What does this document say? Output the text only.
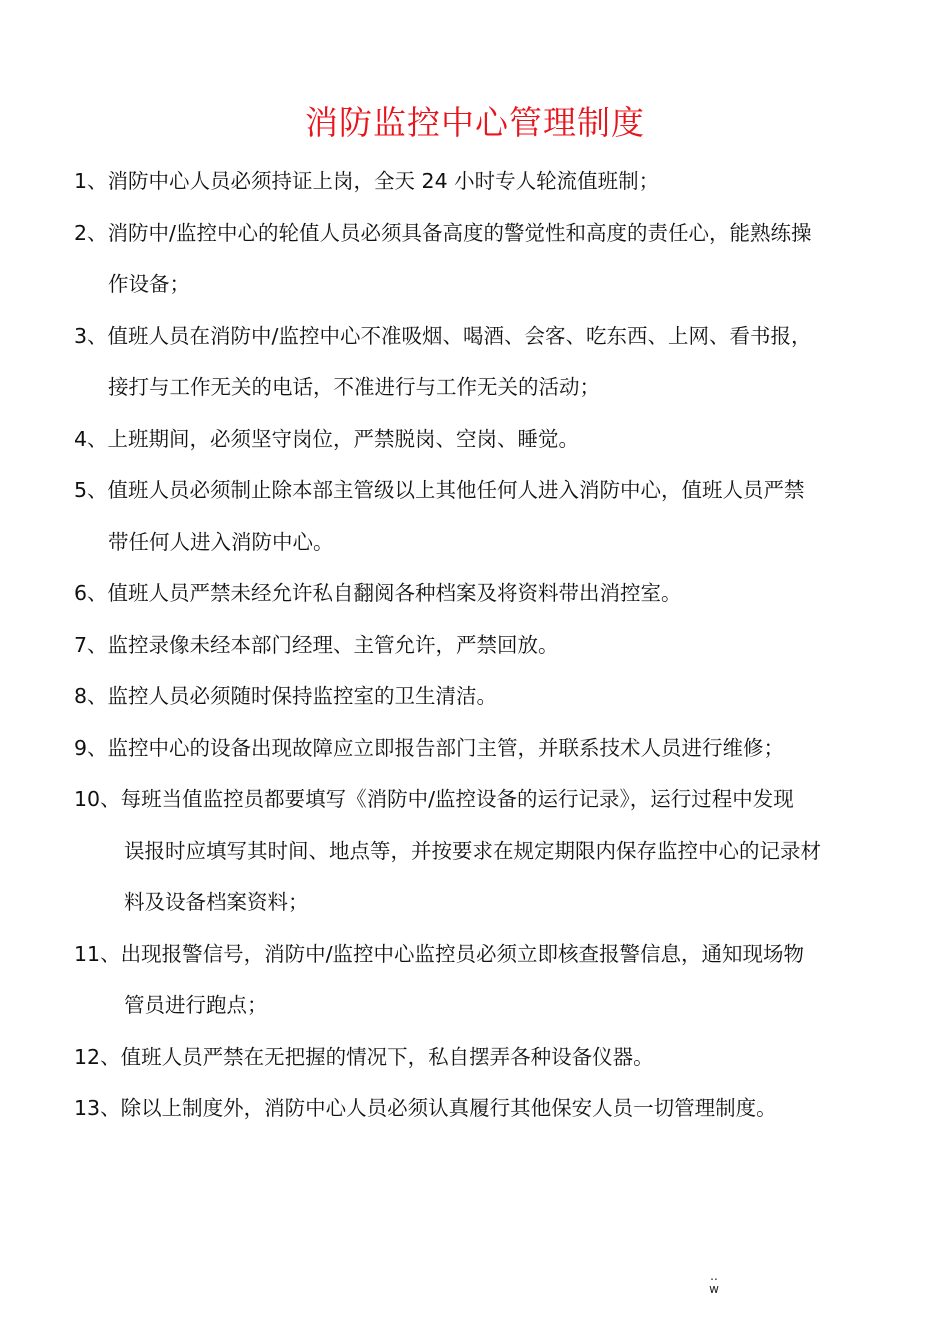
消防监控中心管理制度
1、消防中心人员必须持证上岗，全天 24 小时专人轮流值班制；
2、消防中/监控中心的轮值人员必须具备高度的警觉性和高度的责任心，能熟练操
作设备；
3、值班人员在消防中/监控中心不准吸烟、喝酒、会客、吃东西、上网、看书报，
接打与工作无关的电话，不准进行与工作无关的活动；
4、上班期间，必须坚守岗位，严禁脱岗、空岗、睡觉。
5、值班人员必须制止除本部主管级以上其他任何人进入消防中心，值班人员严禁
带任何人进入消防中心。
6、值班人员严禁未经允许私自翻阅各种档案及将资料带出消控室。
7、监控录像未经本部门经理、主管允许，严禁回放。
8、监控人员必须随时保持监控室的卫生清洁。
9、监控中心的设备出现故障应立即报告部门主管，并联系技术人员进行维修；
10、每班当值监控员都要填写《消防中/监控设备的运行记录》，运行过程中发现
误报时应填写其时间、地点等，并按要求在规定期限内保存监控中心的记录材
料及设备档案资料；
11、出现报警信号，消防中/监控中心监控员必须立即核查报警信息，通知现场物
管员进行跑点；
12、值班人员严禁在无把握的情况下，私自摆弄各种设备仪器。
13、除以上制度外，消防中心人员必须认真履行其他保安人员一切管理制度。
..
w
